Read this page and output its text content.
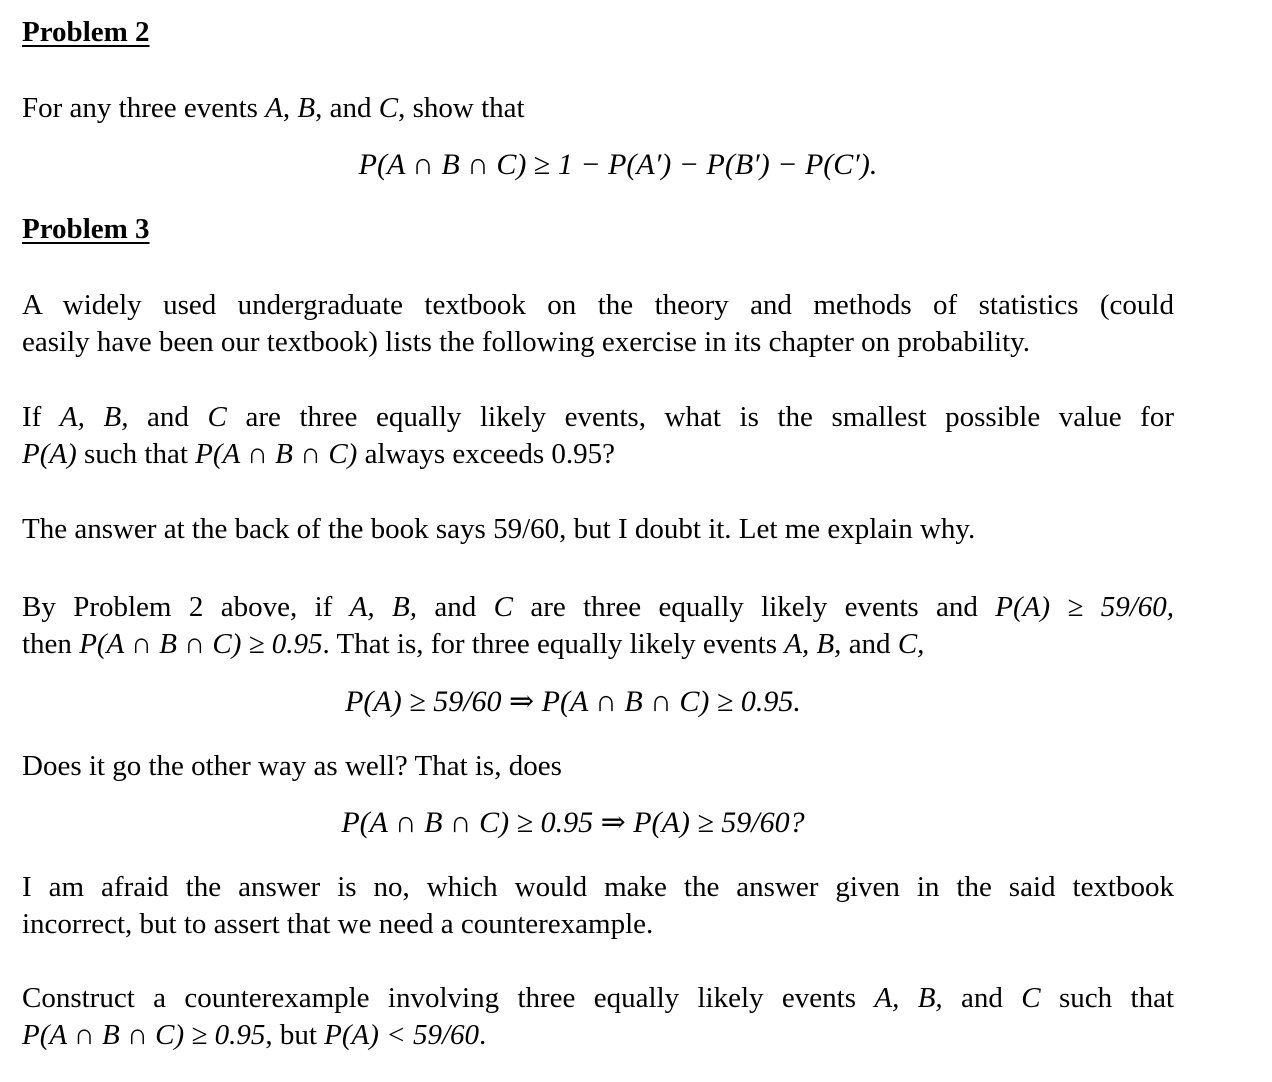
Problem 2
For any three events A, B, and C, show that
P(A ∩ B ∩ C) ≥ 1 − P(A′) − P(B′) − P(C′).
Problem 3
A widely used undergraduate textbook on the theory and methods of statistics (could
easily have been our textbook) lists the following exercise in its chapter on probability.
If A, B, and C are three equally likely events, what is the smallest possible value for
P(A) such that P(A ∩ B ∩ C) always exceeds 0.95?
The answer at the back of the book says 59/60, but I doubt it. Let me explain why.
By Problem 2 above, if A, B, and C are three equally likely events and P(A) ≥ 59/60,
then P(A ∩ B ∩ C) ≥ 0.95. That is, for three equally likely events A, B, and C,
P(A) ≥ 59/60 ⇒ P(A ∩ B ∩ C) ≥ 0.95.
Does it go the other way as well? That is, does
P(A ∩ B ∩ C) ≥ 0.95 ⇒ P(A) ≥ 59/60?
I am afraid the answer is no, which would make the answer given in the said textbook
incorrect, but to assert that we need a counterexample.
Construct a counterexample involving three equally likely events A, B, and C such that
P(A ∩ B ∩ C) ≥ 0.95, but P(A) < 59/60.
